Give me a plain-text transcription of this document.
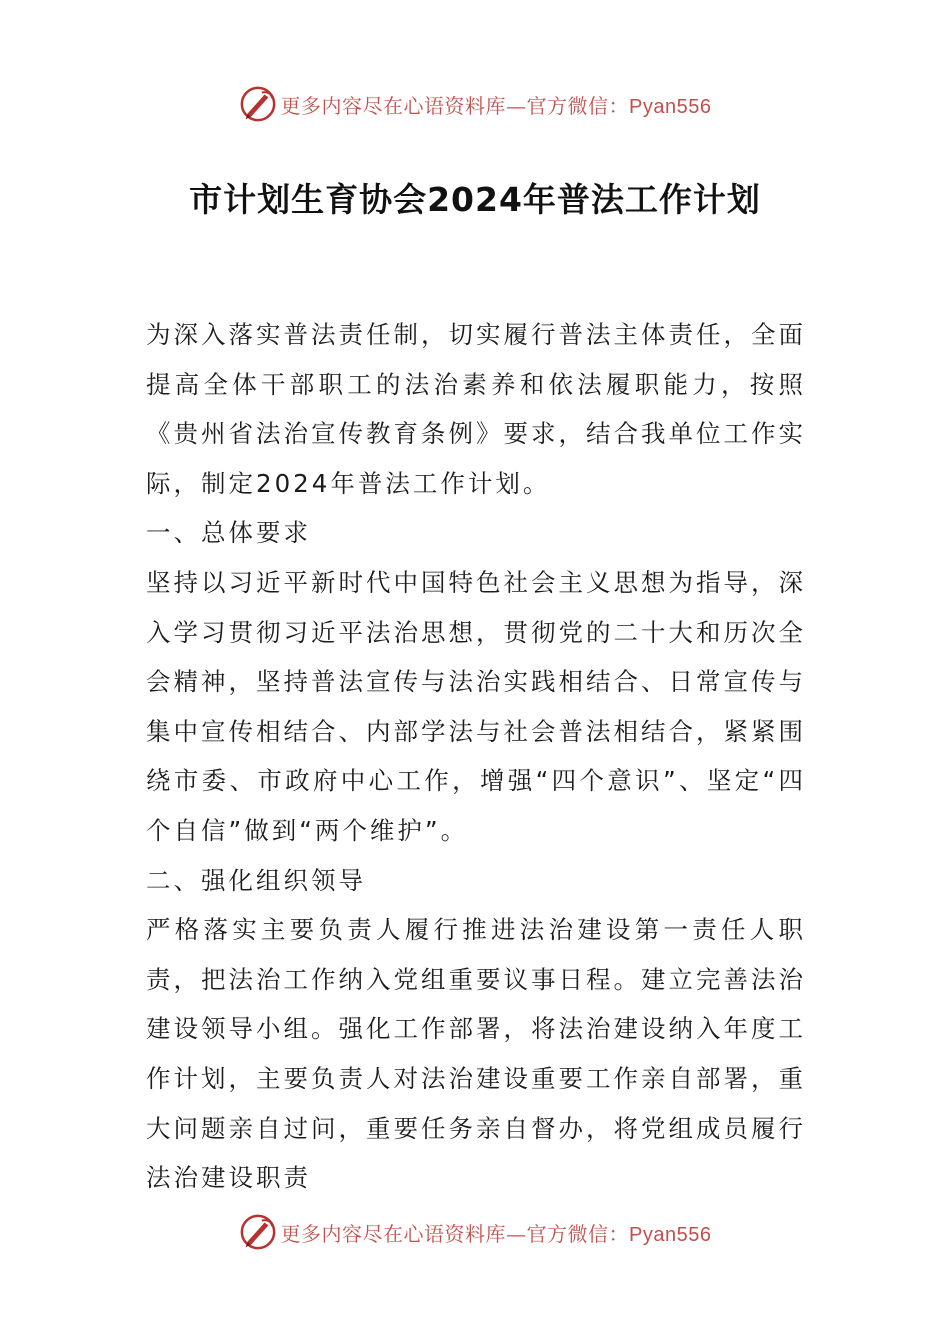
更多内容尽在心语资料库—官方微信：Pyan556
市计划生育协会2024年普法工作计划

为深入落实普法责任制，切实履行普法主体责任，全面提高全体干部职工的法治素养和依法履职能力，按照《贵州省法治宣传教育条例》要求，结合我单位工作实际，制定2024年普法工作计划。

一、总体要求

坚持以习近平新时代中国特色社会主义思想为指导，深入学习贯彻习近平法治思想，贯彻党的二十大和历次全会精神，坚持普法宣传与法治实践相结合、日常宣传与集中宣传相结合、内部学法与社会普法相结合，紧紧围绕市委、市政府中心工作，增强“四个意识”、坚定“四个自信”做到“两个维护”。

二、强化组织领导

严格落实主要负责人履行推进法治建设第一责任人职责，把法治工作纳入党组重要议事日程。建立完善法治建设领导小组。强化工作部署，将法治建设纳入年度工作计划，主要负责人对法治建设重要工作亲自部署，重大问题亲自过问，重要任务亲自督办，将党组成员履行法治建设职责

更多内容尽在心语资料库—官方微信：Pyan556
